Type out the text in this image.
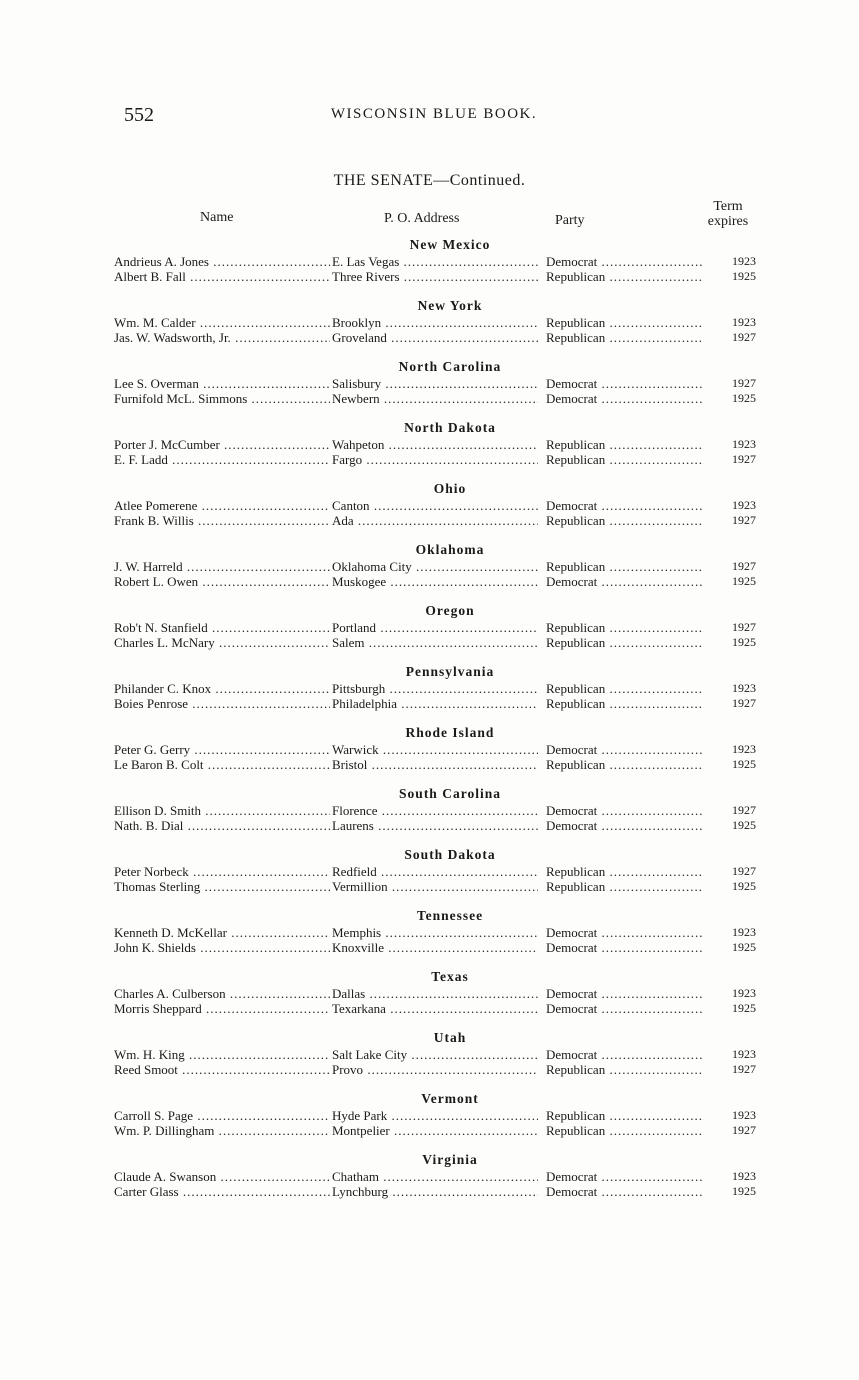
552	WISCONSIN BLUE BOOK.
THE SENATE—Continued.
Name	P. O. Address	Party
Term expires
New Mexico
Andrieus A. Jones .....	E. Las Vegas .....	Democrat .....	1923
Albert B. Fall .....	Three Rivers .....	Republican .....	1925
New York
Wm. M. Calder .....	Brooklyn .....	Republican .....	1923
Jas. W. Wadsworth, Jr. .....	Groveland .....	Republican .....	1927
North Carolina
Lee S. Overman .....	Salisbury .....	Democrat .....	1927
Furnifold McL. Simmons .....	Newbern .....	Democrat .....	1925
North Dakota
Porter J. McCumber .....	Wahpeton .....	Republican .....	1923
E. F. Ladd .....	Fargo .....	Republican .....	1927
Ohio
Atlee Pomerene .....	Canton .....	Democrat .....	1923
Frank B. Willis .....	Ada .....	Republican .....	1927
Oklahoma
J. W. Harreld .....	Oklahoma City .....	Republican .....	1927
Robert L. Owen .....	Muskogee .....	Democrat .....	1925
Oregon
Rob't N. Stanfield .....	Portland .....	Republican .....	1927
Charles L. McNary .....	Salem .....	Republican .....	1925
Pennsylvania
Philander C. Knox .....	Pittsburgh .....	Republican .....	1923
Boies Penrose .....	Philadelphia .....	Republican .....	1927
Rhode Island
Peter G. Gerry .....	Warwick .....	Democrat .....	1923
Le Baron B. Colt .....	Bristol .....	Republican .....	1925
South Carolina
Ellison D. Smith .....	Florence .....	Democrat .....	1927
Nath. B. Dial .....	Laurens .....	Democrat .....	1925
South Dakota
Peter Norbeck .....	Redfield .....	Republican .....	1927
Thomas Sterling .....	Vermillion .....	Republican .....	1925
Tennessee
Kenneth D. McKellar .....	Memphis .....	Democrat .....	1923
John K. Shields .....	Knoxville .....	Democrat .....	1925
Texas
Charles A. Culberson .....	Dallas .....	Democrat .....	1923
Morris Sheppard .....	Texarkana .....	Democrat .....	1925
Utah
Wm. H. King .....	Salt Lake City .....	Democrat .....	1923
Reed Smoot .....	Provo .....	Republican .....	1927
Vermont
Carroll S. Page .....	Hyde Park .....	Republican .....	1923
Wm. P. Dillingham .....	Montpelier .....	Republican .....	1927
Virginia
Claude A. Swanson .....	Chatham .....	Democrat .....	1923
Carter Glass .....	Lynchburg .....	Democrat .....	1925
